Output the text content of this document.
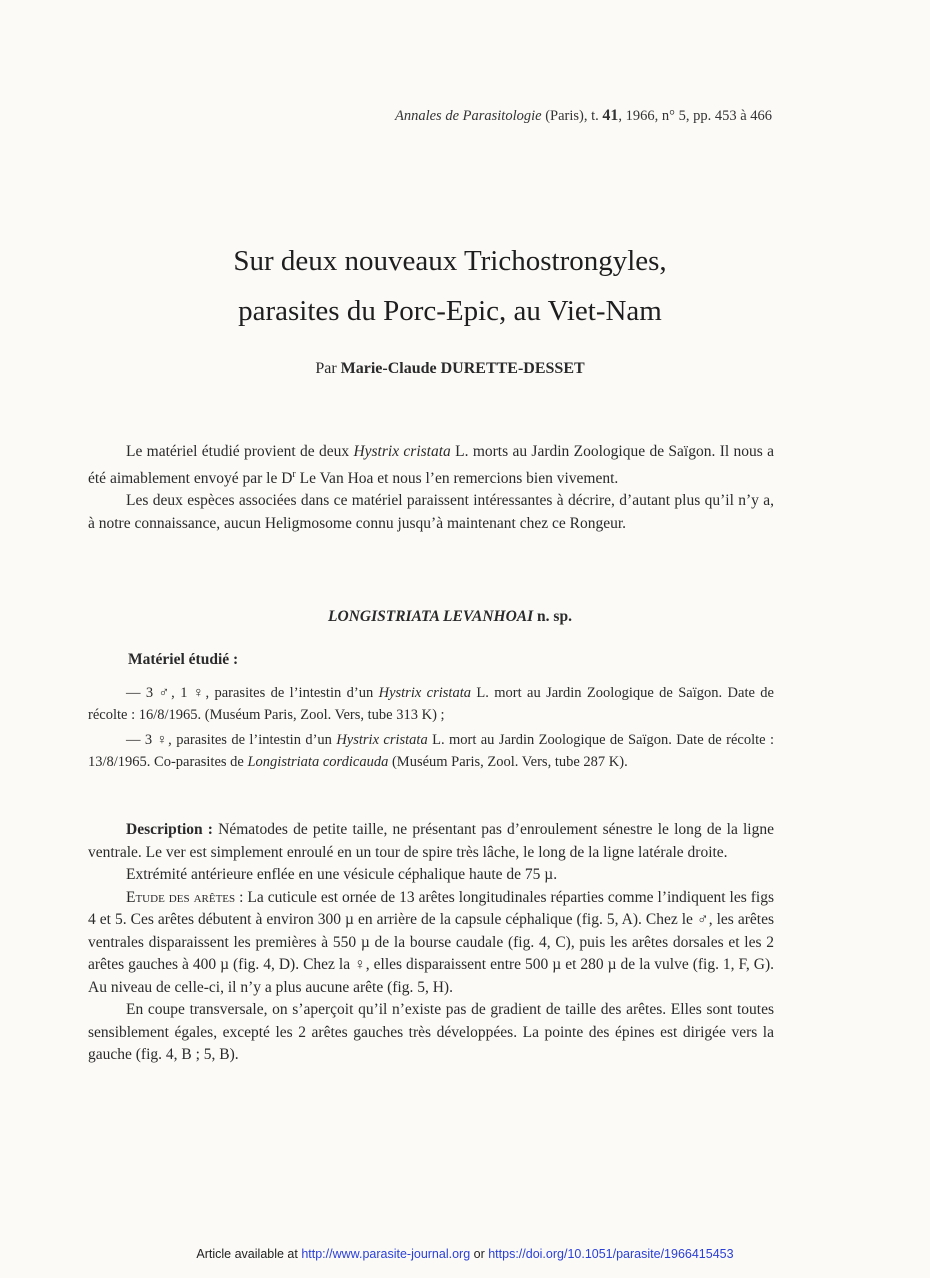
Annales de Parasitologie (Paris), t. 41, 1966, n° 5, pp. 453 à 466
Sur deux nouveaux Trichostrongyles,
parasites du Porc-Epic, au Viet-Nam
Par Marie-Claude DURETTE-DESSET

Le matériel étudié provient de deux Hystrix cristata L. morts au Jardin Zoologique de Saïgon. Il nous a été aimablement envoyé par le $D^r$ Le Van Hoa et nous l’en remercions bien vivement.

Les deux espèces associées dans ce matériel paraissent intéressantes à décrire, d’autant plus qu’il n’y a, à notre connaissance, aucun Heligmosome connu jusqu’à maintenant chez ce Rongeur.

LONGISTRIATA LEVANHOAI n. sp.
Matériel étudié :

— 3 ♂, 1 ♀, parasites de l’intestin d’un Hystrix cristata L. mort au Jardin Zoologique de Saïgon. Date de récolte : 16/8/1965. (Muséum Paris, Zool. Vers, tube 313 K) ;

— 3 ♀, parasites de l’intestin d’un Hystrix cristata L. mort au Jardin Zoologique de Saïgon. Date de récolte : 13/8/1965. Co-parasites de Longistriata cordicauda (Muséum Paris, Zool. Vers, tube 287 K).

Description : Nématodes de petite taille, ne présentant pas d’enroulement sénestre le long de la ligne ventrale. Le ver est simplement enroulé en un tour de spire très lâche, le long de la ligne latérale droite.

Extrémité antérieure enflée en une vésicule céphalique haute de 75 µ.

Etude des arêtes : La cuticule est ornée de 13 arêtes longitudinales réparties comme l’indiquent les figs 4 et 5. Ces arêtes débutent à environ 300 µ en arrière de la capsule céphalique (fig. 5, A). Chez le ♂, les arêtes ventrales disparaissent les premières à 550 µ de la bourse caudale (fig. 4, C), puis les arêtes dorsales et les 2 arêtes gauches à 400 µ (fig. 4, D). Chez la ♀, elles disparaissent entre 500 µ et 280 µ de la vulve (fig. 1, F, G). Au niveau de celle-ci, il n’y a plus aucune arête (fig. 5, H).

En coupe transversale, on s’aperçoit qu’il n’existe pas de gradient de taille des arêtes. Elles sont toutes sensiblement égales, excepté les 2 arêtes gauches très développées. La pointe des épines est dirigée vers la gauche (fig. 4, B ; 5, B).

Article available at http://www.parasite-journal.org or https://doi.org/10.1051/parasite/1966415453
